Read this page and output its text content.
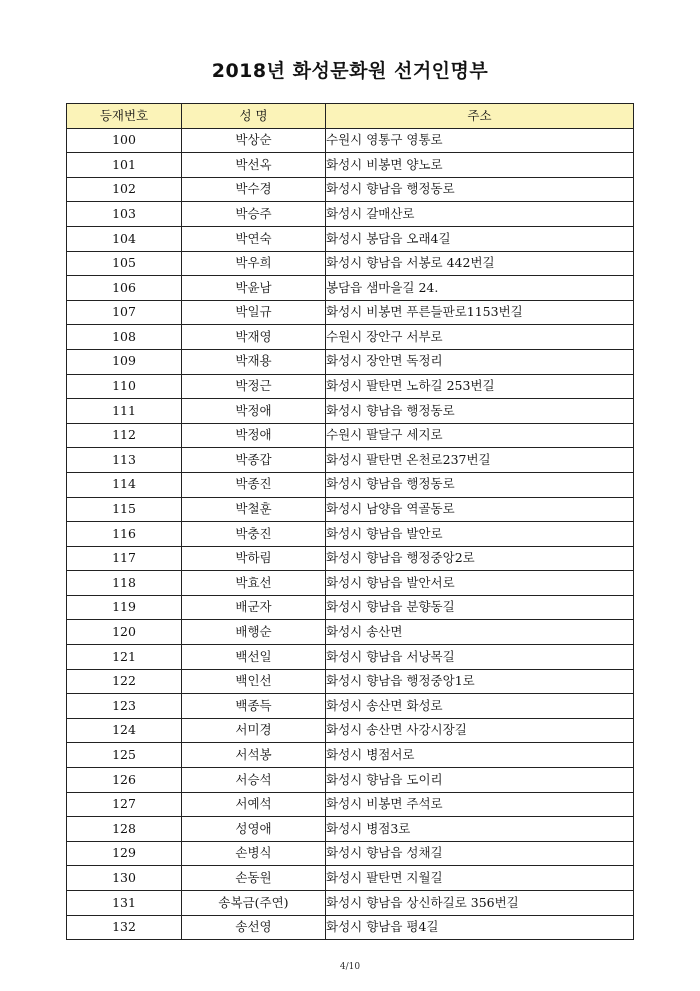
2018년 화성문화원 선거인명부
등재번호	성 명	주소
100	박상순	수원시 영통구 영통로
101	박선옥	화성시 비봉면 양노로
102	박수경	화성시 향남읍 행정동로
103	박승주	화성시 갈매산로
104	박연숙	화성시 봉담읍 오래4길
105	박우희	화성시 향남읍 서봉로 442번길
106	박윤남	봉담읍 샘마을길 24.
107	박일규	화성시 비봉면 푸른들판로1153번길
108	박재영	수원시 장안구 서부로
109	박재용	화성시 장안면 독정리
110	박정근	화성시 팔탄면 노하길 253번길
111	박정애	화성시 향남읍 행정동로
112	박정애	수원시 팔달구 세지로
113	박종갑	화성시 팔탄면 온천로237번길
114	박종진	화성시 향남읍 행정동로
115	박철훈	화성시 남양읍 역골동로
116	박충진	화성시 향남읍 발안로
117	박하림	화성시 향남읍 행정중앙2로
118	박효선	화성시 향남읍 발안서로
119	배군자	화성시 향남읍 분향동길
120	배행순	화성시 송산면
121	백선일	화성시 향남읍 서낭목길
122	백인선	화성시 향남읍 행정중앙1로
123	백종득	화성시 송산면 화성로
124	서미경	화성시 송산면 사강시장길
125	서석봉	화성시 병점서로
126	서승석	화성시 향남읍 도이리
127	서예석	화성시 비봉면 주석로
128	성영애	화성시 병점3로
129	손병식	화성시 향남읍 성채길
130	손동원	화성시 팔탄면 지월길
131	송복금(주연)	화성시 향남읍 상신하길로 356번길
132	송선영	화성시 향남읍 평4길
4/10
